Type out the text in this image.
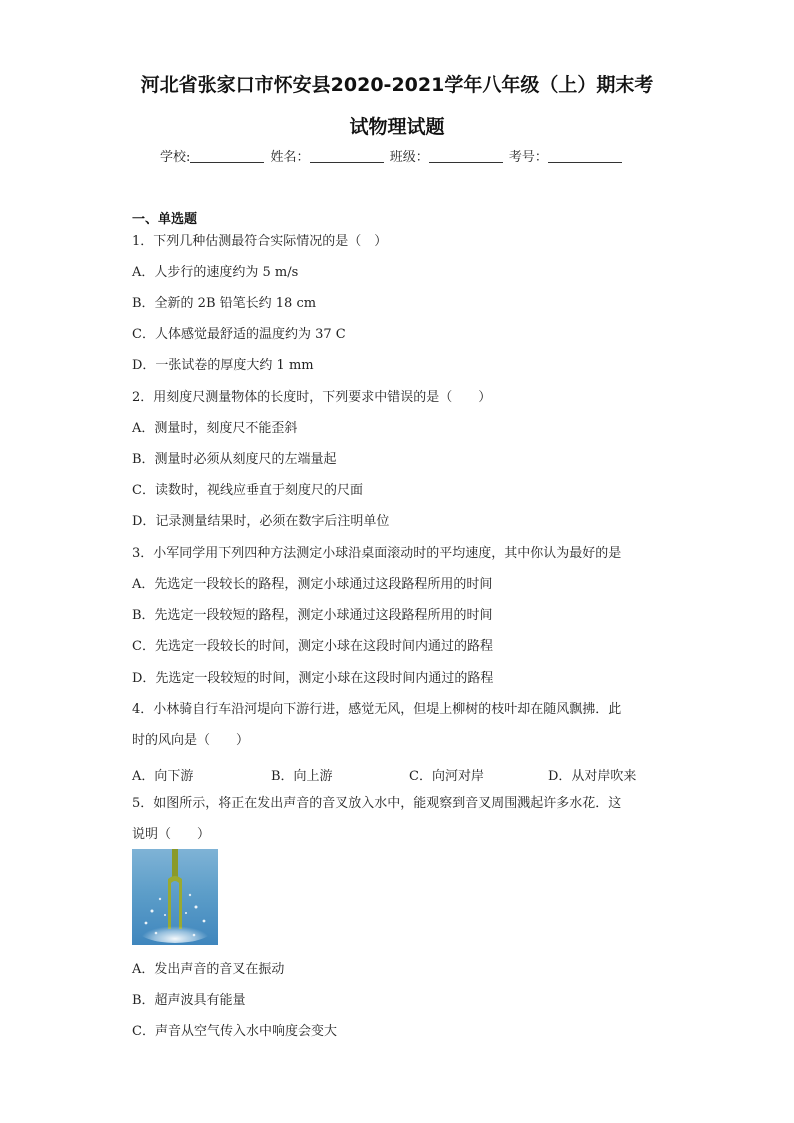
河北省张家口市怀安县2020-2021学年八年级（上）期末考
试物理试题
学校:	姓名：	班级：	考号：
一、单选题
1．下列几种估测最符合实际情况的是（　）
A．人步行的速度约为 5 m/s
B．全新的 2B 铅笔长约 18 cm
C．人体感觉最舒适的温度约为 37 C
D．一张试卷的厚度大约 1 mm
2．用刻度尺测量物体的长度时，下列要求中错误的是（　　）
A．测量时，刻度尺不能歪斜
B．测量时必须从刻度尺的左端量起
C．读数时，视线应垂直于刻度尺的尺面
D．记录测量结果时，必须在数字后注明单位
3．小军同学用下列四种方法测定小球沿桌面滚动时的平均速度，其中你认为最好的是
A．先选定一段较长的路程，测定小球通过这段路程所用的时间
B．先选定一段较短的路程，测定小球通过这段路程所用的时间
C．先选定一段较长的时间，测定小球在这段时间内通过的路程
D．先选定一段较短的时间，测定小球在这段时间内通过的路程
4．小林骑自行车沿河堤向下游行进，感觉无风，但堤上柳树的枝叶却在随风飘拂．此
时的风向是（　　）
A．向下游	B．向上游	C．向河对岸	D．从对岸吹来
5．如图所示，将正在发出声音的音叉放入水中，能观察到音叉周围溅起许多水花．这
说明（　　）
A．发出声音的音叉在振动
B．超声波具有能量
C．声音从空气传入水中响度会变大
